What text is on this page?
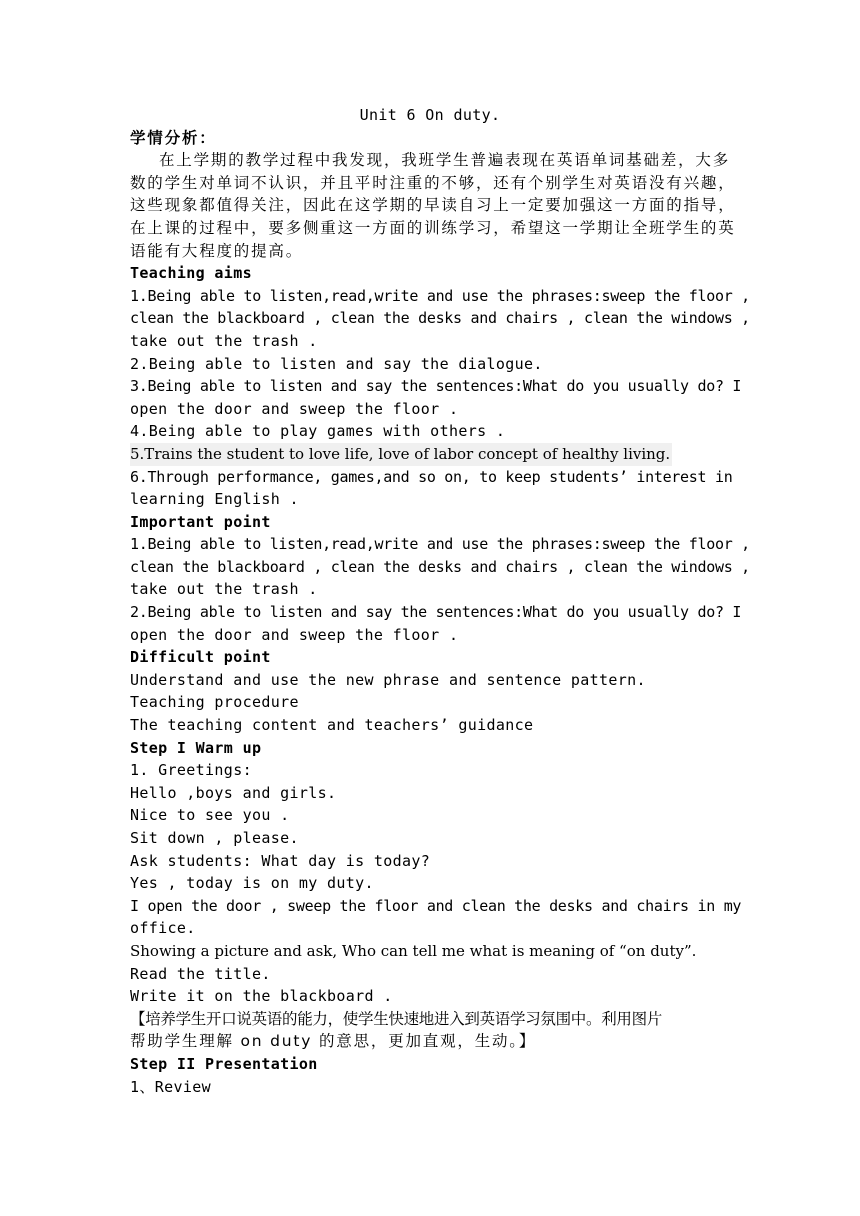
Unit 6 On duty.
学情分析：
在上学期的教学过程中我发现，我班学生普遍表现在英语单词基础差，大多
数的学生对单词不认识，并且平时注重的不够，还有个别学生对英语没有兴趣，
这些现象都值得关注，因此在这学期的早读自习上一定要加强这一方面的指导，
在上课的过程中，要多侧重这一方面的训练学习，希望这一学期让全班学生的英
语能有大程度的提高。
Teaching aims
1.Being able to listen,read,write and use the phrases:sweep the floor ,
clean the blackboard , clean the desks and chairs , clean the windows ,
take out the trash .
2.Being able to listen and say the dialogue.
3.Being able to listen and say the sentences:What do you usually do? I
open the door and sweep the floor .
4.Being able to play games with others .
5.Trains the student to love life, love of labor concept of healthy living.
6.Through performance, games,and so on, to keep students’ interest in
learning English .
Important point
1.Being able to listen,read,write and use the phrases:sweep the floor ,
clean the blackboard , clean the desks and chairs , clean the windows ,
take out the trash .
2.Being able to listen and say the sentences:What do you usually do? I
open the door and sweep the floor .
Difficult point
Understand and use the new phrase and sentence pattern.
Teaching procedure
The teaching content and teachers’ guidance
Step I Warm up
1. Greetings:
Hello ,boys and girls.
Nice to see you .
Sit down , please.
Ask students: What day is today?
Yes , today is on my duty.
I open the door , sweep the floor and clean the desks and chairs in my
office.
Showing a picture and ask, Who can tell me what is meaning of “on duty”.
Read the title.
Write it on the blackboard .
【培养学生开口说英语的能力，使学生快速地进入到英语学习氛围中。利用图片
帮助学生理解 on duty 的意思，更加直观，生动。】
Step II Presentation
1、Review
